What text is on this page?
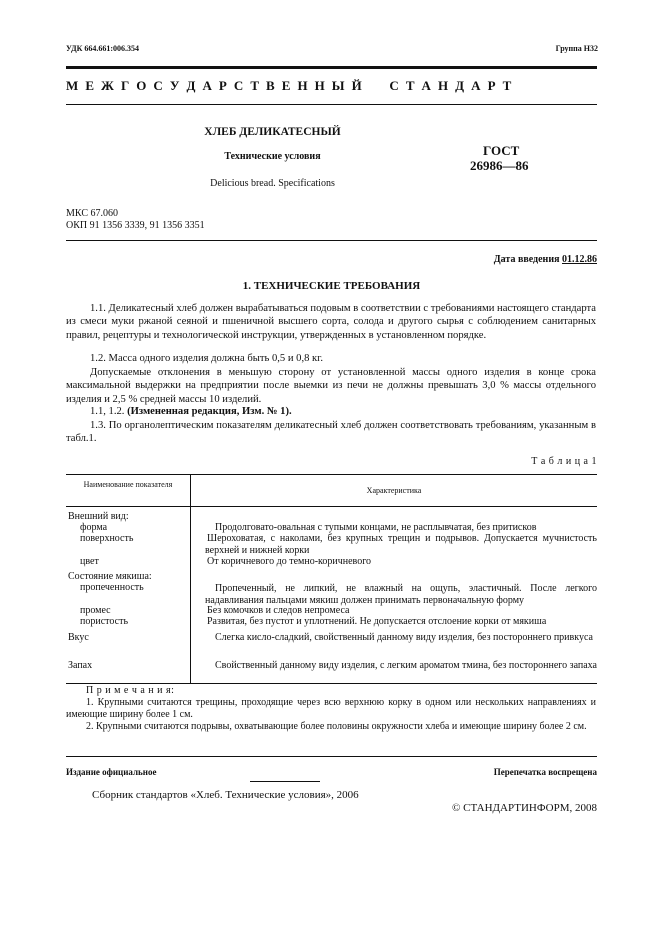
УДК 664.661:006.354	Группа Н32
М Е Ж Г О С У Д А Р С Т В Е Н Н Ы Й     С Т А Н Д А Р Т
ХЛЕБ ДЕЛИКАТЕСНЫЙ
Технические условия
Delicious bread. Specifications
ГОСТ
26986—86
МКС 67.060
ОКП 91 1356 3339, 91 1356 3351
Дата введения 01.12.86
1. ТЕХНИЧЕСКИЕ ТРЕБОВАНИЯ
1.1. Деликатесный хлеб должен вырабатываться подовым в соответствии с требованиями настоящего стандарта из смеси муки ржаной сеяной и пшеничной высшего сорта, солода и другого сырья с соблюдением санитарных правил, рецептуры и технологической инструкции, утвержденных в установленном порядке.
1.2. Масса одного изделия должна быть 0,5 и 0,8 кг.
Допускаемые отклонения в меньшую сторону от установленной массы одного изделия в конце срока максимальной выдержки на предприятии после выемки из печи не должны превышать 3,0 % массы отдельного изделия и 2,5 % средней массы 10 изделий.
1.1, 1.2. (Измененная редакция, Изм. № 1).
1.3. По органолептическим показателям деликатесный хлеб должен соответствовать требованиям, указанным в табл.1.
Т а б л и ц а 1
Наименование показателя
Характеристика
Внешний вид:
форма	Продолговато-овальная с тупыми концами, не расплывчатая, без притисков
поверхность	Шероховатая, с наколами, без крупных трещин и подрывов. Допускается мучнистость верхней и нижней корки
цвет	От коричневого до темно-коричневого
Состояние мякиша:
пропеченность	Пропеченный, не липкий, не влажный на ощупь, эластичный. После легкого надавливания пальцами мякиш должен принимать первоначальную форму
промес	Без комочков и следов непромеса
пористость	Развитая, без пустот и уплотнений. Не допускается отслоение корки от мякиша
Вкус	Слегка кисло-сладкий, свойственный данному виду изделия, без постороннего привкуса
Запах	Свойственный данному виду изделия, с легким ароматом тмина, без постороннего запаха
П р и м е ч а н и я:
1. Крупными считаются трещины, проходящие через всю верхнюю корку в одном или нескольких направлениях и имеющие ширину более 1 см.
2. Крупными считаются подрывы, охватывающие более половины окружности хлеба и имеющие ширину более 2 см.
Издание официальное	Перепечатка воспрещена
Сборник стандартов «Хлеб. Технические условия», 2006
© СТАНДАРТИНФОРМ, 2008
